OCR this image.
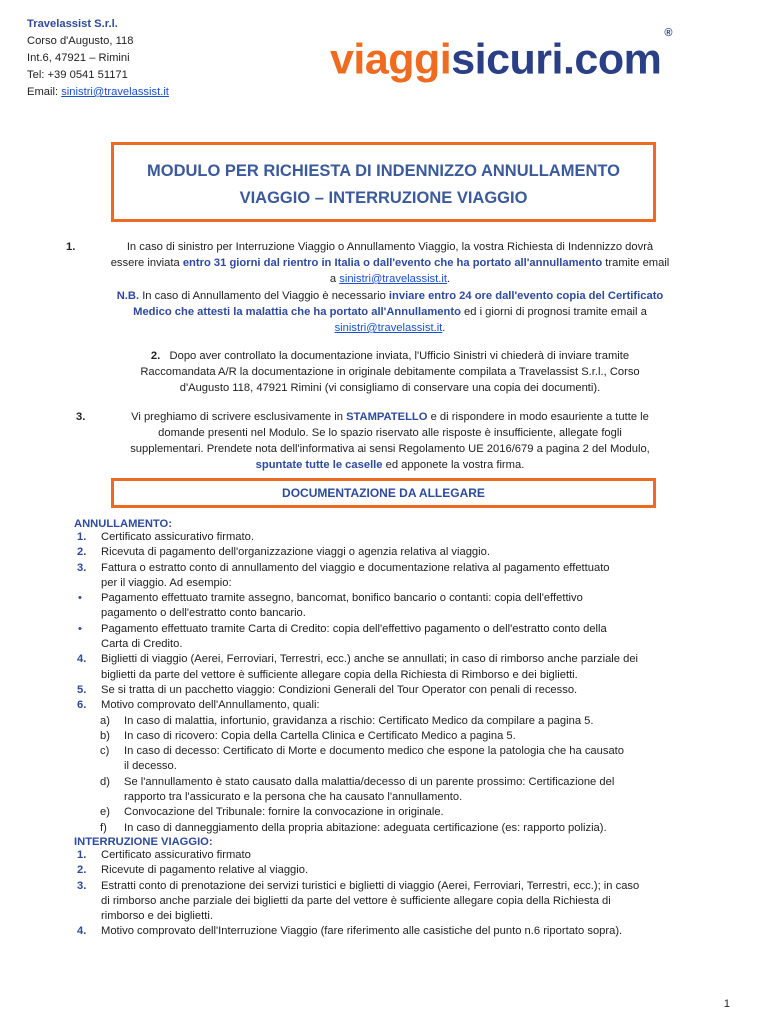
Travelassist S.r.l.
Corso d'Augusto, 118
Int.6, 47921 – Rimini
Tel: +39 0541 51171
Email: sinistri@travelassist.it
viaggisicuri.com®
MODULO PER RICHIESTA DI INDENNIZZO ANNULLAMENTO
VIAGGIO – INTERRUZIONE VIAGGIO
1.	In caso di sinistro per Interruzione Viaggio o Annullamento Viaggio, la vostra Richiesta di Indennizzo dovrà
essere inviata entro 31 giorni dal rientro in Italia o dall'evento che ha portato all'annullamento tramite email
a sinistri@travelassist.it.
N.B. In caso di Annullamento del Viaggio è necessario inviare entro 24 ore dall'evento copia del Certificato
Medico che attesti la malattia che ha portato all'Annullamento ed i giorni di prognosi tramite email a
sinistri@travelassist.it.
2. Dopo aver controllato la documentazione inviata, l'Ufficio Sinistri vi chiederà di inviare tramite
Raccomandata A/R la documentazione in originale debitamente compilata a Travelassist S.r.l., Corso
d'Augusto 118, 47921 Rimini (vi consigliamo di conservare una copia dei documenti).
3.	Vi preghiamo di scrivere esclusivamente in STAMPATELLO e di rispondere in modo esauriente a tutte le
domande presenti nel Modulo. Se lo spazio riservato alle risposte è insufficiente, allegate fogli
supplementari. Prendete nota dell'informativa ai sensi Regolamento UE 2016/679 a pagina 2 del Modulo,
spuntate tutte le caselle ed apponete la vostra firma.
DOCUMENTAZIONE DA ALLEGARE
ANNULLAMENTO:
1. Certificato assicurativo firmato.
2. Ricevuta di pagamento dell'organizzazione viaggi o agenzia relativa al viaggio.
3. Fattura o estratto conto di annullamento del viaggio e documentazione relativa al pagamento effettuato
per il viaggio. Ad esempio:
• Pagamento effettuato tramite assegno, bancomat, bonifico bancario o contanti: copia dell'effettivo
pagamento o dell'estratto conto bancario.
• Pagamento effettuato tramite Carta di Credito: copia dell'effettivo pagamento o dell'estratto conto della
Carta di Credito.
4. Biglietti di viaggio (Aerei, Ferroviari, Terrestri, ecc.) anche se annullati; in caso di rimborso anche parziale dei
biglietti da parte del vettore è sufficiente allegare copia della Richiesta di Rimborso e dei biglietti.
5. Se si tratta di un pacchetto viaggio: Condizioni Generali del Tour Operator con penali di recesso.
6. Motivo comprovato dell'Annullamento, quali:
a) In caso di malattia, infortunio, gravidanza a rischio: Certificato Medico da compilare a pagina 5.
b) In caso di ricovero: Copia della Cartella Clinica e Certificato Medico a pagina 5.
c) In caso di decesso: Certificato di Morte e documento medico che espone la patologia che ha causato
il decesso.
d) Se l'annullamento è stato causato dalla malattia/decesso di un parente prossimo: Certificazione del
rapporto tra l'assicurato e la persona che ha causato l'annullamento.
e) Convocazione del Tribunale: fornire la convocazione in originale.
f) In caso di danneggiamento della propria abitazione: adeguata certificazione (es: rapporto polizia).
INTERRUZIONE VIAGGIO:
1. Certificato assicurativo firmato
2. Ricevute di pagamento relative al viaggio.
3. Estratti conto di prenotazione dei servizi turistici e biglietti di viaggio (Aerei, Ferroviari, Terrestri, ecc.); in caso
di rimborso anche parziale dei biglietti da parte del vettore è sufficiente allegare copia della Richiesta di
rimborso e dei biglietti.
4. Motivo comprovato dell'Interruzione Viaggio (fare riferimento alle casistiche del punto n.6 riportato sopra).
1
